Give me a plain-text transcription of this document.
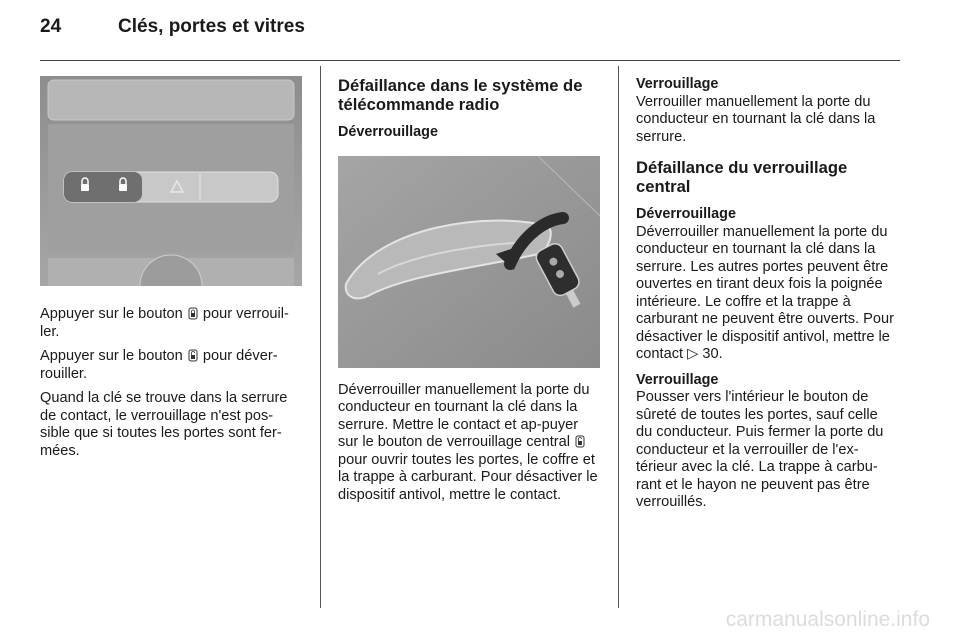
24	Clés, portes et vitres

Appuyer sur le bouton pour verrouil-ler.

Appuyer sur le bouton pour déver-rouiller.

Quand la clé se trouve dans la serrure de contact, le verrouillage n'est pos-sible que si toutes les portes sont fer-mées.

Défaillance dans le système de télécommande radio
Déverrouillage

Déverrouiller manuellement la porte du conducteur en tournant la clé dans la serrure. Mettre le contact et ap-puyer sur le bouton de verrouillage central  pour ouvrir toutes les portes, le coffre et la trappe à carburant. Pour désactiver le dispositif antivol, mettre le contact.

Verrouillage

Verrouiller manuellement la porte du conducteur en tournant la clé dans la serrure.

Défaillance du verrouillage central
Déverrouillage

Déverrouiller manuellement la porte du conducteur en tournant la clé dans la serrure. Les autres portes peuvent être ouvertes en tirant deux fois la poignée intérieure. Le coffre et la trappe à carburant ne peuvent être ouverts. Pour désactiver le dispositif antivol, mettre le contact ▷ 30.

Verrouillage

Pousser vers l'intérieur le bouton de sûreté de toutes les portes, sauf celle du conducteur. Puis fermer la porte du conducteur et la verrouiller de l'ex-térieur avec la clé. La trappe à carbu-rant et le hayon ne peuvent pas être verrouillés.

carmanualsonline.info
